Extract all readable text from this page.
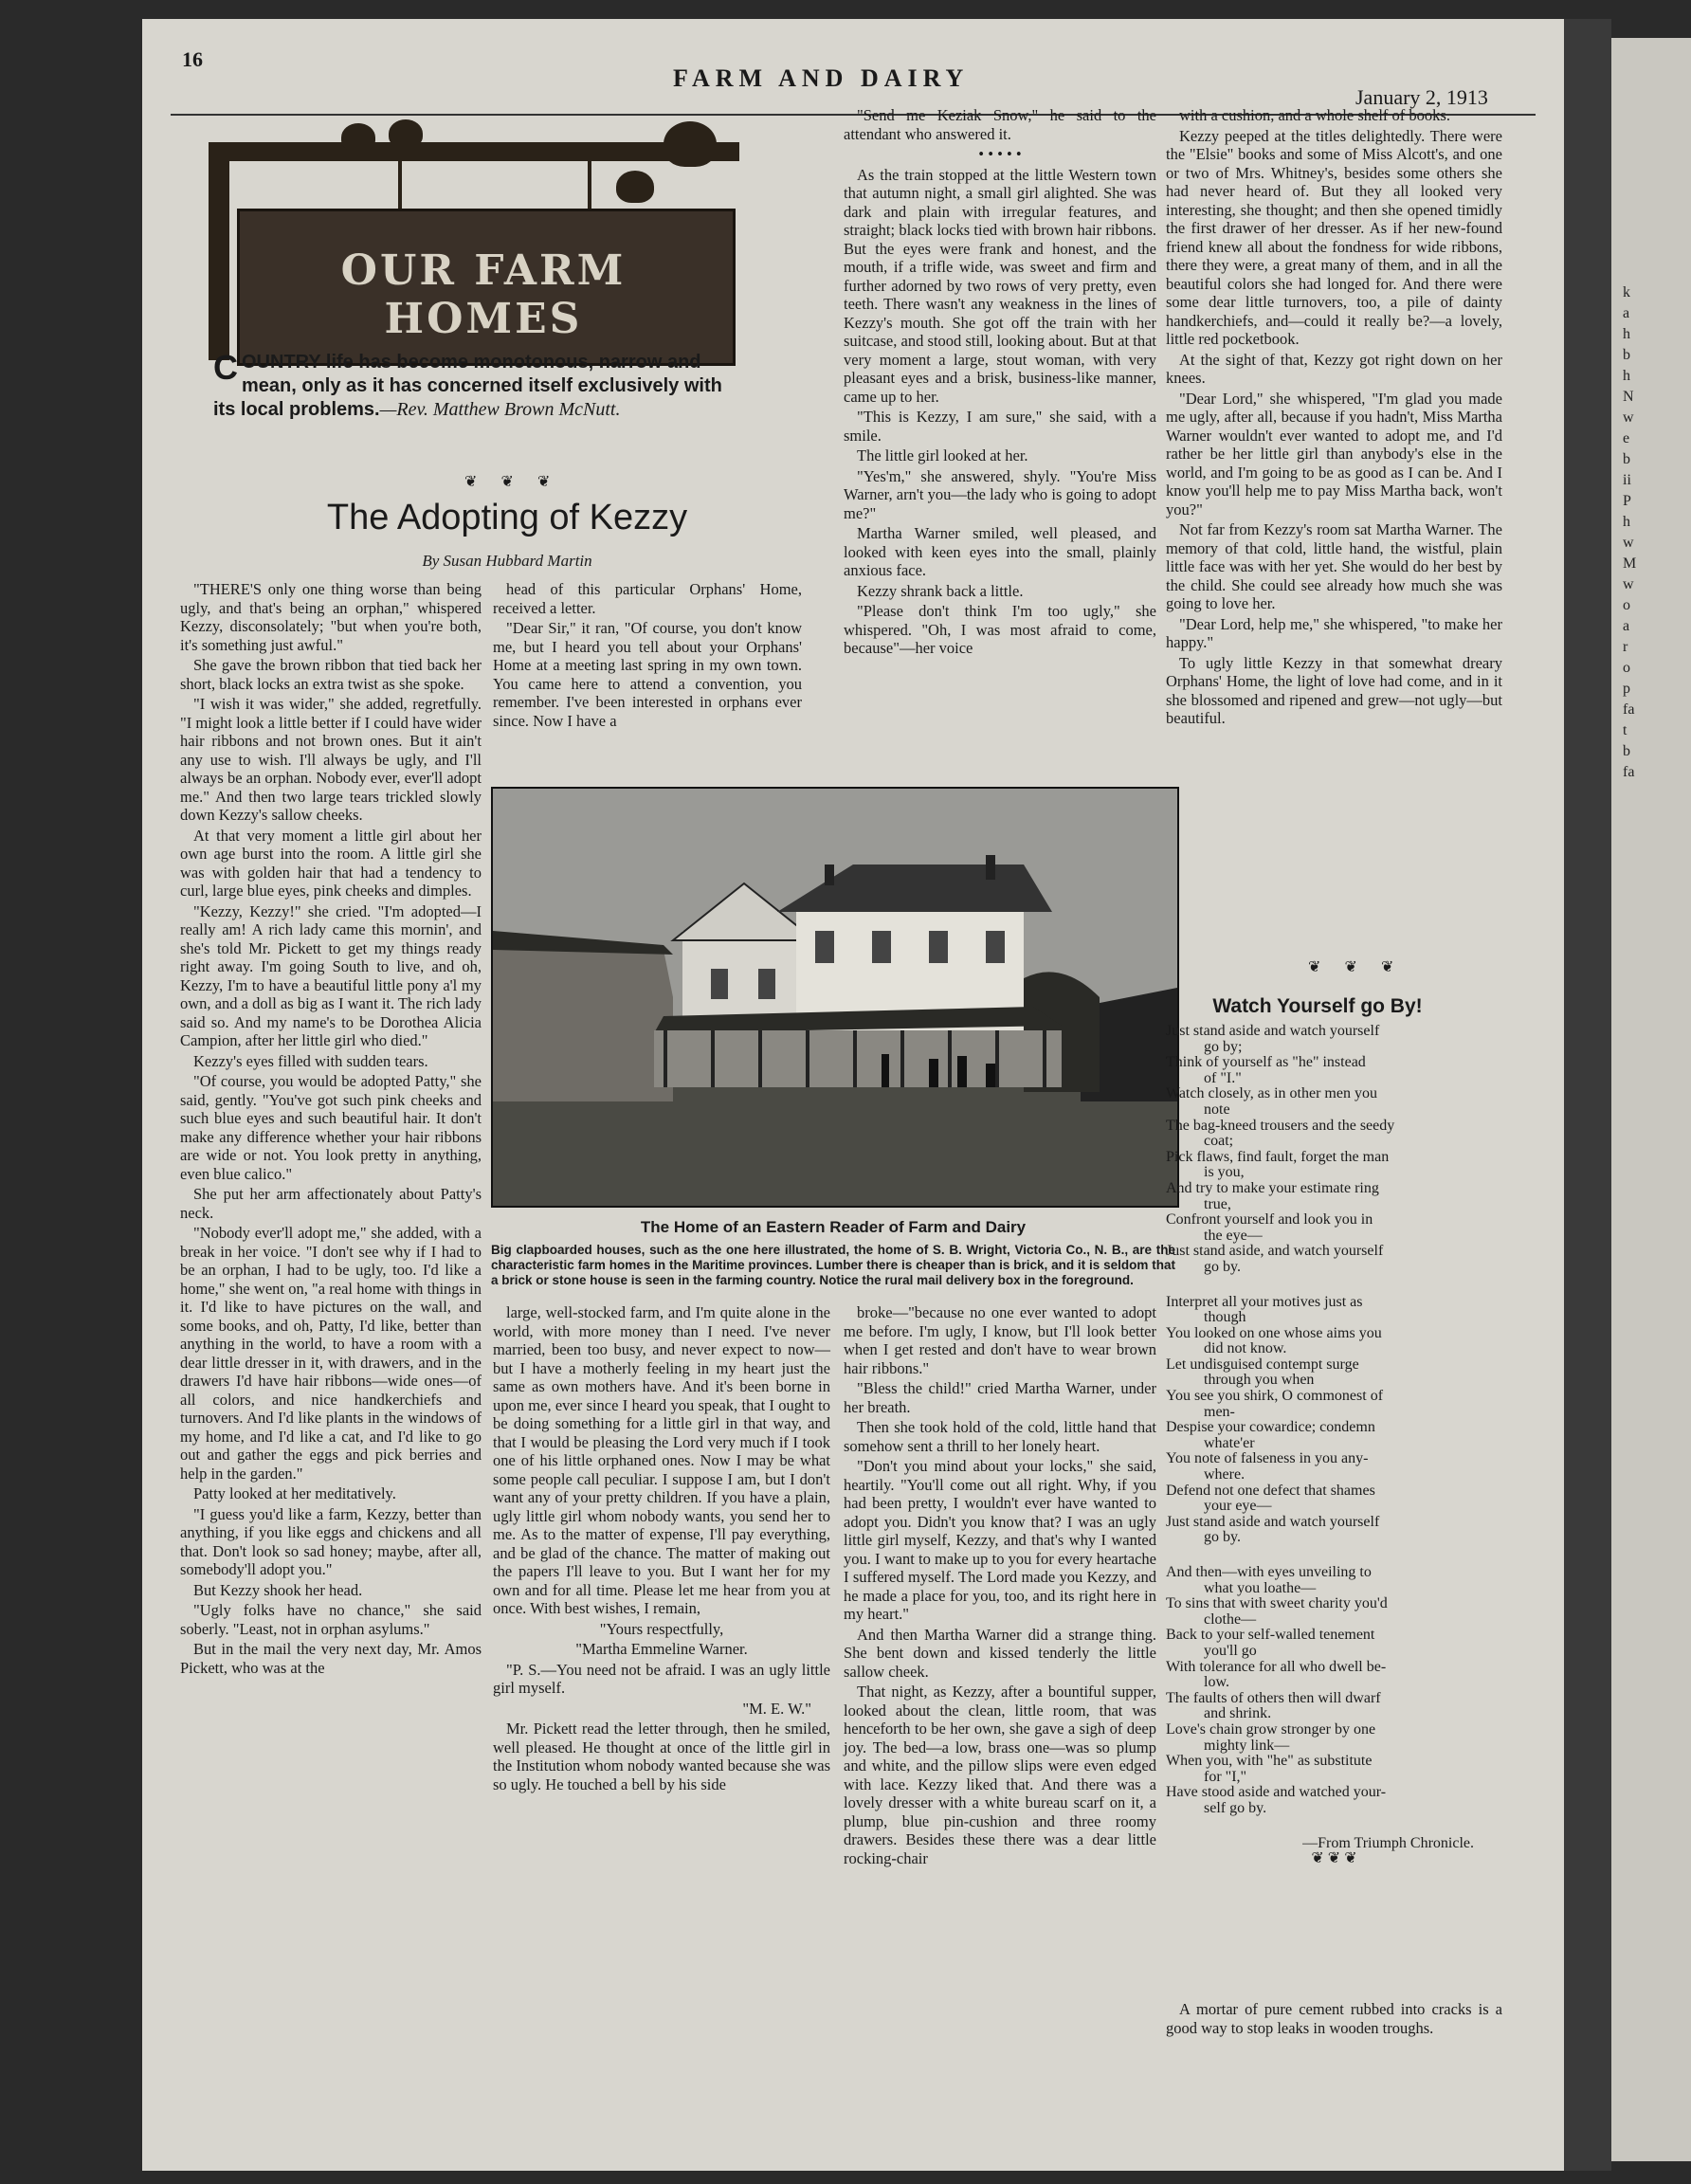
k
a
h
b
h
N
w
e
b
ii
P
h
w
M
w
o
a
r
o
p
fa
t
b
fa
16
FARM AND DAIRY
January 2, 1913
OUR FARM HOMES
COUNTRY life has become monotonous, narrow and mean, only as it has concerned itself exclusively with its local problems.—Rev. Matthew Brown McNutt.
❦ ❦ ❦
The Adopting of Kezzy
By Susan Hubbard Martin

"THERE'S only one thing worse than being ugly, and that's being an orphan," whispered Kezzy, disconsolately; "but when you're both, it's something just awful."

She gave the brown ribbon that tied back her short, black locks an extra twist as she spoke.

"I wish it was wider," she added, regretfully. "I might look a little better if I could have wider hair ribbons and not brown ones. But it ain't any use to wish. I'll always be ugly, and I'll always be an orphan. Nobody ever, ever'll adopt me." And then two large tears trickled slowly down Kezzy's sallow cheeks.

At that very moment a little girl about her own age burst into the room. A little girl she was with golden hair that had a tendency to curl, large blue eyes, pink cheeks and dimples.

"Kezzy, Kezzy!" she cried. "I'm adopted—I really am! A rich lady came this mornin', and she's told Mr. Pickett to get my things ready right away. I'm going South to live, and oh, Kezzy, I'm to have a beautiful little pony a'l my own, and a doll as big as I want it. The rich lady said so. And my name's to be Dorothea Alicia Campion, after her little girl who died."

Kezzy's eyes filled with sudden tears.

"Of course, you would be adopted Patty," she said, gently. "You've got such pink cheeks and such blue eyes and such beautiful hair. It don't make any difference whether your hair ribbons are wide or not. You look pretty in anything, even blue calico."

She put her arm affectionately about Patty's neck.

"Nobody ever'll adopt me," she added, with a break in her voice. "I don't see why if I had to be an orphan, I had to be ugly, too. I'd like a home," she went on, "a real home with things in it. I'd like to have pictures on the wall, and some books, and oh, Patty, I'd like, better than anything in the world, to have a room with a dear little dresser in it, with drawers, and in the drawers I'd have hair ribbons—wide ones—of all colors, and nice handkerchiefs and turnovers. And I'd like plants in the windows of my home, and I'd like a cat, and I'd like to go out and gather the eggs and pick berries and help in the garden."

Patty looked at her meditatively.

"I guess you'd like a farm, Kezzy, better than anything, if you like eggs and chickens and all that. Don't look so sad honey; maybe, after all, somebody'll adopt you."

But Kezzy shook her head.

"Ugly folks have no chance," she said soberly. "Least, not in orphan asylums."

But in the mail the very next day, Mr. Amos Pickett, who was at the

head of this particular Orphans' Home, received a letter.

"Dear Sir," it ran, "Of course, you don't know me, but I heard you tell about your Orphans' Home at a meeting last spring in my own town. You came here to attend a convention, you remember. I've been interested in orphans ever since. Now I have a

"Send me Keziak Snow," he said to the attendant who answered it.

• • • • •

As the train stopped at the little Western town that autumn night, a small girl alighted. She was dark and plain with irregular features, and straight; black locks tied with brown hair ribbons. But the eyes were frank and honest, and the mouth, if a trifle wide, was sweet and firm and further adorned by two rows of very pretty, even teeth. There wasn't any weakness in the lines of Kezzy's mouth. She got off the train with her suitcase, and stood still, looking about. But at that very moment a large, stout woman, with very pleasant eyes and a brisk, business-like manner, came up to her.

"This is Kezzy, I am sure," she said, with a smile.

The little girl looked at her.

"Yes'm," she answered, shyly. "You're Miss Warner, arn't you—the lady who is going to adopt me?"

Martha Warner smiled, well pleased, and looked with keen eyes into the small, plainly anxious face.

Kezzy shrank back a little.

"Please don't think I'm too ugly," she whispered. "Oh, I was most afraid to come, because"—her voice

The Home of an Eastern Reader of Farm and Dairy
Big clapboarded houses, such as the one here illustrated, the home of S. B. Wright, Victoria Co., N. B., are the characteristic farm homes in the Maritime provinces. Lumber there is cheaper than is brick, and it is seldom that a brick or stone house is seen in the farming country. Notice the rural mail delivery box in the foreground.

large, well-stocked farm, and I'm quite alone in the world, with more money than I need. I've never married, been too busy, and never expect to now—but I have a motherly feeling in my heart just the same as own mothers have. And it's been borne in upon me, ever since I heard you speak, that I ought to be doing something for a little girl in that way, and that I would be pleasing the Lord very much if I took one of his little orphaned ones. Now I may be what some people call peculiar. I suppose I am, but I don't want any of your pretty children. If you have a plain, ugly little girl whom nobody wants, you send her to me. As to the matter of expense, I'll pay everything, and be glad of the chance. The matter of making out the papers I'll leave to you. But I want her for my own and for all time. Please let me hear from you at once. With best wishes, I remain,

"Yours respectfully,

"Martha Emmeline Warner.

"P. S.—You need not be afraid. I was an ugly little girl myself.

"M. E. W."

Mr. Pickett read the letter through, then he smiled, well pleased. He thought at once of the little girl in the Institution whom nobody wanted because she was so ugly. He touched a bell by his side

broke—"because no one ever wanted to adopt me before. I'm ugly, I know, but I'll look better when I get rested and don't have to wear brown hair ribbons."

"Bless the child!" cried Martha Warner, under her breath.

Then she took hold of the cold, little hand that somehow sent a thrill to her lonely heart.

"Don't you mind about your locks," she said, heartily. "You'll come out all right. Why, if you had been pretty, I wouldn't ever have wanted to adopt you. Didn't you know that? I was an ugly little girl myself, Kezzy, and that's why I wanted you. I want to make up to you for every heartache I suffered myself. The Lord made you Kezzy, and he made a place for you, too, and its right here in my heart."

And then Martha Warner did a strange thing. She bent down and kissed tenderly the little sallow cheek.

That night, as Kezzy, after a bountiful supper, looked about the clean, little room, that was henceforth to be her own, she gave a sigh of deep joy. The bed—a low, brass one—was so plump and white, and the pillow slips were even edged with lace. Kezzy liked that. And there was a lovely dresser with a white bureau scarf on it, a plump, blue pin-cushion and three roomy drawers. Besides these there was a dear little rocking-chair

with a cushion, and a whole shelf of books.

Kezzy peeped at the titles delightedly. There were the "Elsie" books and some of Miss Alcott's, and one or two of Mrs. Whitney's, besides some others she had never heard of. But they all looked very interesting, she thought; and then she opened timidly the first drawer of her dresser. As if her new-found friend knew all about the fondness for wide ribbons, there they were, a great many of them, and in all the beautiful colors she had longed for. And there were some dear little turnovers, too, a pile of dainty handkerchiefs, and—could it really be?—a lovely, little red pocketbook.

At the sight of that, Kezzy got right down on her knees.

"Dear Lord," she whispered, "I'm glad you made me ugly, after all, because if you hadn't, Miss Martha Warner wouldn't ever wanted to adopt me, and I'd rather be her little girl than anybody's else in the world, and I'm going to be as good as I can be. And I know you'll help me to pay Miss Martha back, won't you?"

Not far from Kezzy's room sat Martha Warner. The memory of that cold, little hand, the wistful, plain little face was with her yet. She would do her best by the child. She could see already how much she was going to love her.

"Dear Lord, help me," she whispered, "to make her happy."

To ugly little Kezzy in that somewhat dreary Orphans' Home, the light of love had come, and in it she blossomed and ripened and grew—not ugly—but beautiful.

❦ ❦ ❦
Watch Yourself go By!
Just stand aside and watch yourself
go by;
Think of yourself as "he" instead
of "I."
Watch closely, as in other men you
note
The bag-kneed trousers and the seedy
coat;
Pick flaws, find fault, forget the man
is you,
And try to make your estimate ring
true,
Confront yourself and look you in
the eye—
Just stand aside, and watch yourself
go by.
Interpret all your motives just as
though
You looked on one whose aims you
did not know.
Let undisguised contempt surge
through you when
You see you shirk, O commonest of
men-
Despise your cowardice; condemn
whate'er
You note of falseness in you any-
where.
Defend not one defect that shames
your eye—
Just stand aside and watch yourself
go by.
And then—with eyes unveiling to
what you loathe—
To sins that with sweet charity you'd
clothe—
Back to your self-walled tenement
you'll go
With tolerance for all who dwell be-
low.
The faults of others then will dwarf
and shrink.
Love's chain grow stronger by one
mighty link—
When you, with "he" as substitute
for "I,"
Have stood aside and watched your-
self go by.
—From Triumph Chronicle.
❦ ❦ ❦

A mortar of pure cement rubbed into cracks is a good way to stop leaks in wooden troughs.
